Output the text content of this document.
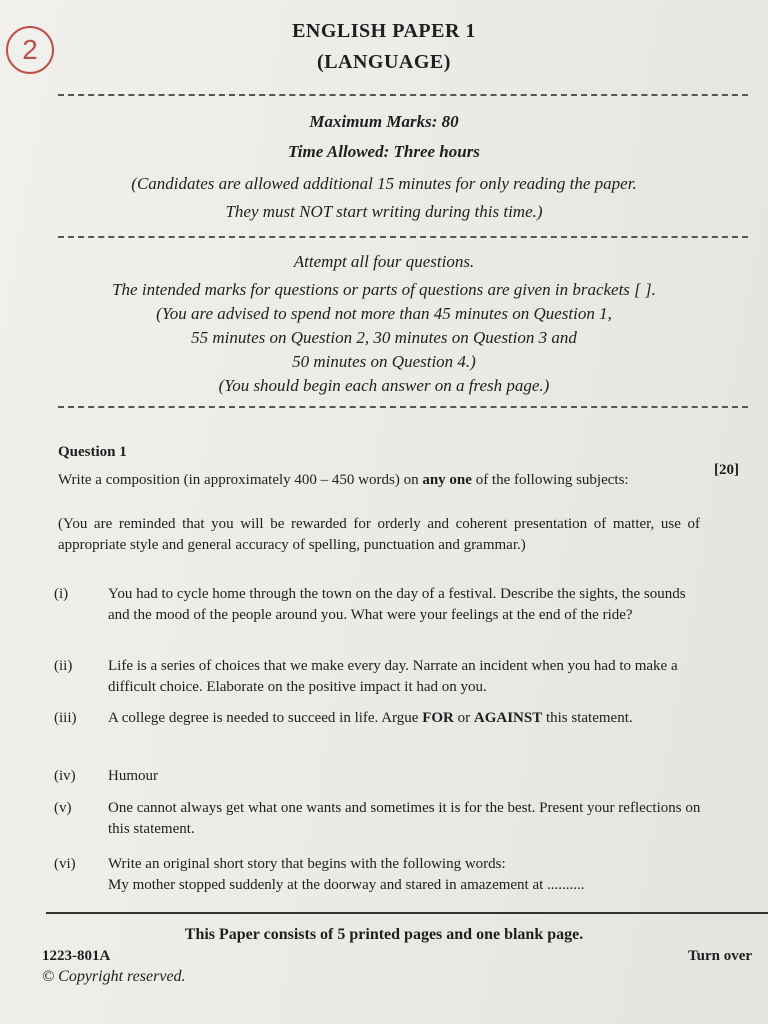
2
ENGLISH PAPER 1
(LANGUAGE)
Maximum Marks: 80
Time Allowed: Three hours
(Candidates are allowed additional 15 minutes for only reading the paper.
They must NOT start writing during this time.)
Attempt all four questions.
The intended marks for questions or parts of questions are given in brackets [ ].
(You are advised to spend not more than 45 minutes on Question 1,
55 minutes on Question 2, 30 minutes on Question 3 and
50 minutes on Question 4.)
(You should begin each answer on a fresh page.)
Question 1
Write a composition (in approximately 400 – 450 words) on any one of the following subjects:
[20]
(You are reminded that you will be rewarded for orderly and coherent presentation of matter, use of appropriate style and general accuracy of spelling, punctuation and grammar.)
(i)	You had to cycle home through the town on the day of a festival. Describe the sights, the sounds and the mood of the people around you. What were your feelings at the end of the ride?
(ii) Life is a series of choices that we make every day. Narrate an incident when you had to make a difficult choice. Elaborate on the positive impact it had on you.
(iii) A college degree is needed to succeed in life. Argue FOR or AGAINST this statement.
(iv) Humour
(v) One cannot always get what one wants and sometimes it is for the best. Present your reflections on this statement.
(vi) Write an original short story that begins with the following words:
My mother stopped suddenly at the doorway and stared in amazement at ..........
This Paper consists of 5 printed pages and one blank page.
1223-801A	Turn over
© Copyright reserved.
